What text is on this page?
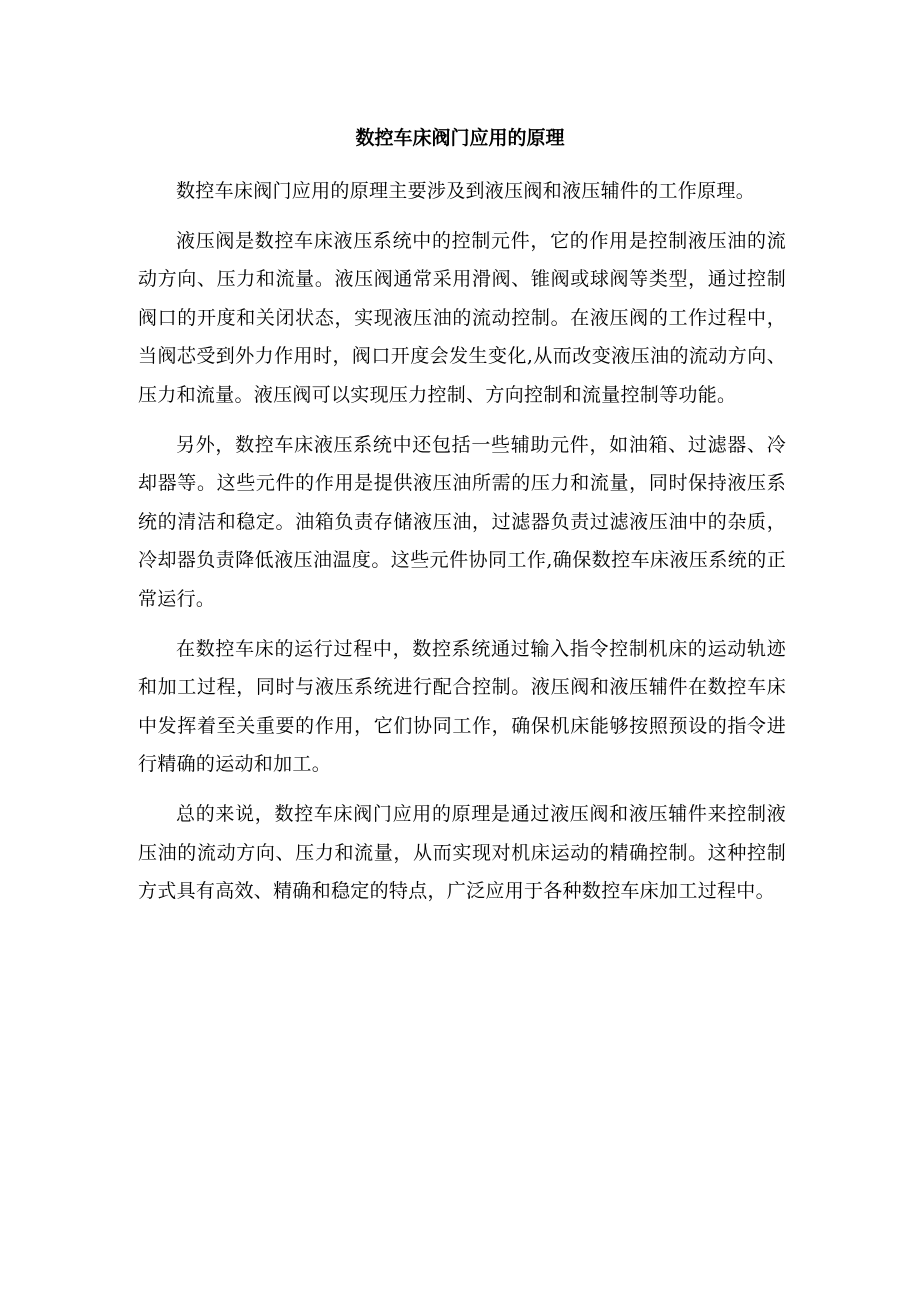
数控车床阀门应用的原理

数控车床阀门应用的原理主要涉及到液压阀和液压辅件的工作原理。

液压阀是数控车床液压系统中的控制元件，它的作用是控制液压油的流动方向、压力和流量。液压阀通常采用滑阀、锥阀或球阀等类型，通过控制阀口的开度和关闭状态，实现液压油的流动控制。在液压阀的工作过程中，当阀芯受到外力作用时，阀口开度会发生变化,从而改变液压油的流动方向、压力和流量。液压阀可以实现压力控制、方向控制和流量控制等功能。

另外，数控车床液压系统中还包括一些辅助元件，如油箱、过滤器、冷却器等。这些元件的作用是提供液压油所需的压力和流量，同时保持液压系统的清洁和稳定。油箱负责存储液压油，过滤器负责过滤液压油中的杂质，冷却器负责降低液压油温度。这些元件协同工作,确保数控车床液压系统的正常运行。

在数控车床的运行过程中，数控系统通过输入指令控制机床的运动轨迹和加工过程，同时与液压系统进行配合控制。液压阀和液压辅件在数控车床中发挥着至关重要的作用，它们协同工作，确保机床能够按照预设的指令进行精确的运动和加工。

总的来说，数控车床阀门应用的原理是通过液压阀和液压辅件来控制液压油的流动方向、压力和流量，从而实现对机床运动的精确控制。这种控制方式具有高效、精确和稳定的特点，广泛应用于各种数控车床加工过程中。
